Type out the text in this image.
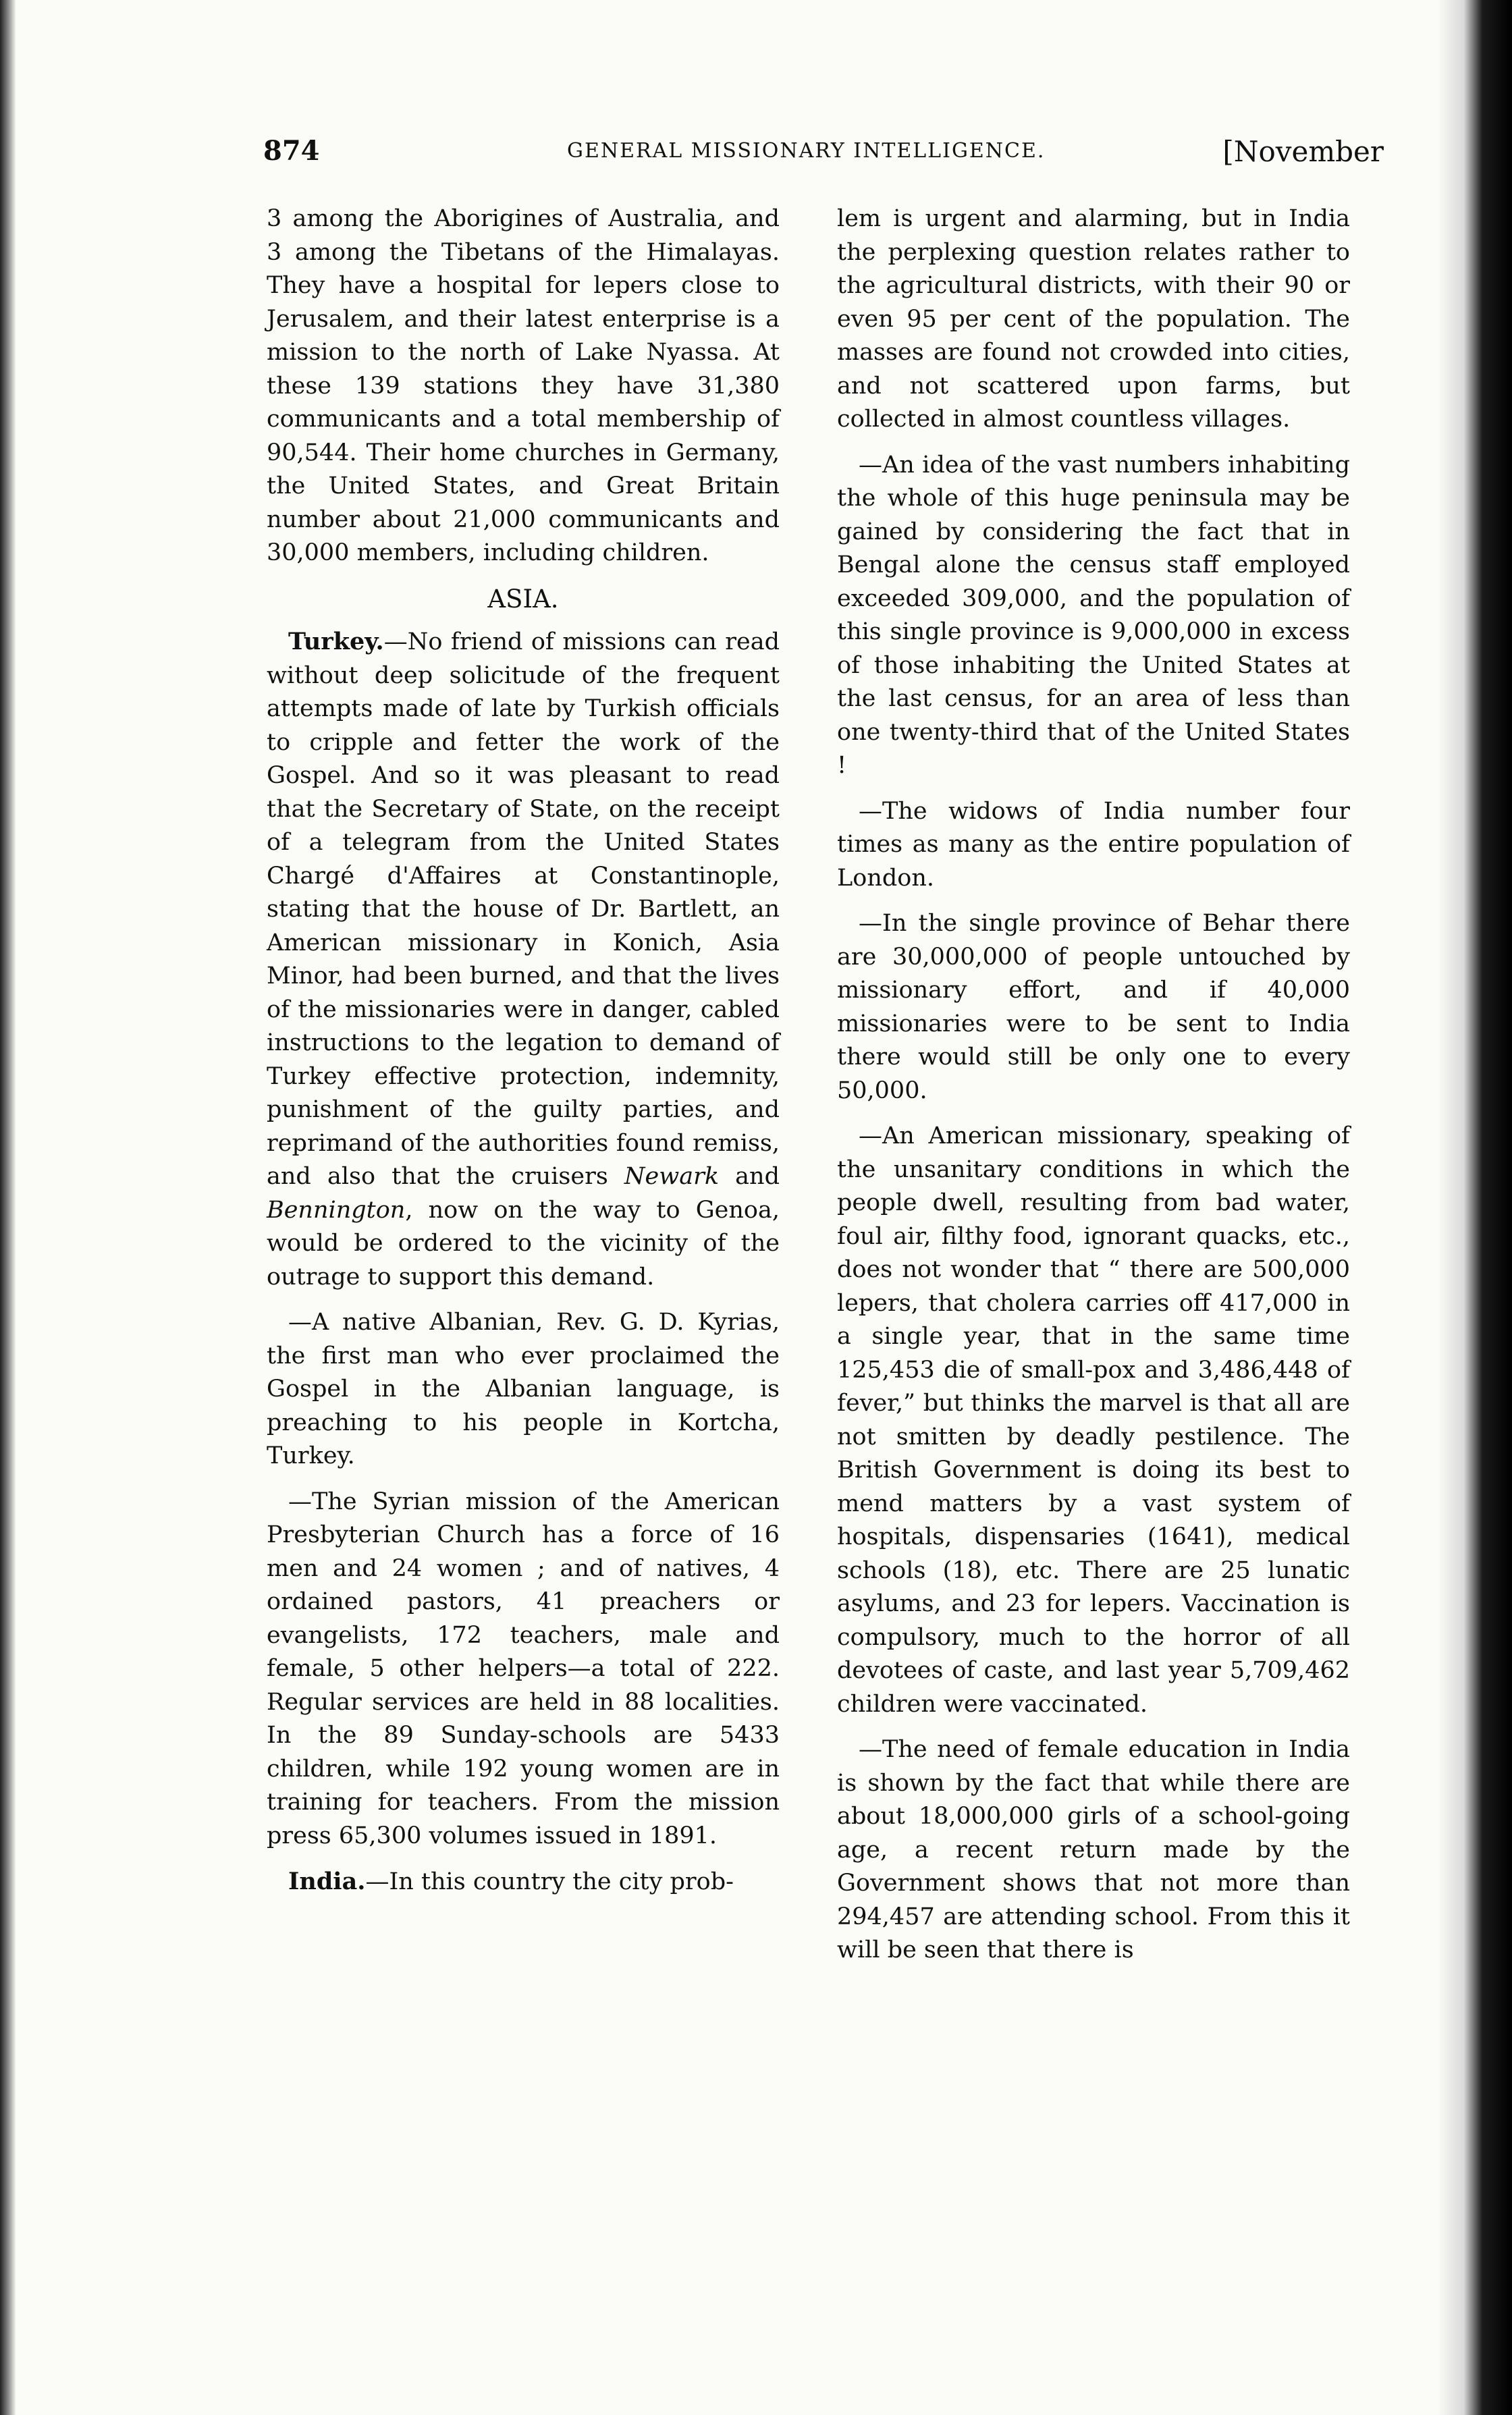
874	GENERAL MISSIONARY INTELLIGENCE.	[November

3 among the Aborigines of Australia, and 3 among the Tibetans of the Himalayas. They have a hospital for lepers close to Jerusalem, and their latest enterprise is a mission to the north of Lake Nyassa. At these 139 stations they have 31,380 communicants and a total membership of 90,544. Their home churches in Germany, the United States, and Great Britain number about 21,000 communicants and 30,000 members, including children.

ASIA.

Turkey.—No friend of missions can read without deep solicitude of the frequent attempts made of late by Turkish officials to cripple and fetter the work of the Gospel. And so it was pleasant to read that the Secretary of State, on the receipt of a telegram from the United States Chargé d'Affaires at Constantinople, stating that the house of Dr. Bartlett, an American missionary in Konich, Asia Minor, had been burned, and that the lives of the missionaries were in danger, cabled instructions to the legation to demand of Turkey effective protection, indemnity, punishment of the guilty parties, and reprimand of the authorities found remiss, and also that the cruisers Newark and Bennington, now on the way to Genoa, would be ordered to the vicinity of the outrage to support this demand.

—A native Albanian, Rev. G. D. Kyrias, the first man who ever proclaimed the Gospel in the Albanian language, is preaching to his people in Kortcha, Turkey.

—The Syrian mission of the American Presbyterian Church has a force of 16 men and 24 women ; and of natives, 4 ordained pastors, 41 preachers or evangelists, 172 teachers, male and female, 5 other helpers—a total of 222. Regular services are held in 88 localities. In the 89 Sunday-schools are 5433 children, while 192 young women are in training for teachers. From the mission press 65,300 volumes issued in 1891.

India.—In this country the city prob-

lem is urgent and alarming, but in India the perplexing question relates rather to the agricultural districts, with their 90 or even 95 per cent of the population. The masses are found not crowded into cities, and not scattered upon farms, but collected in almost countless villages.

—An idea of the vast numbers inhabiting the whole of this huge peninsula may be gained by considering the fact that in Bengal alone the census staff employed exceeded 309,000, and the population of this single province is 9,000,000 in excess of those inhabiting the United States at the last census, for an area of less than one twenty-third that of the United States !

—The widows of India number four times as many as the entire population of London.

—In the single province of Behar there are 30,000,000 of people untouched by missionary effort, and if 40,000 missionaries were to be sent to India there would still be only one to every 50,000.

—An American missionary, speaking of the unsanitary conditions in which the people dwell, resulting from bad water, foul air, filthy food, ignorant quacks, etc., does not wonder that “ there are 500,000 lepers, that cholera carries off 417,000 in a single year, that in the same time 125,453 die of small-pox and 3,486,448 of fever,” but thinks the marvel is that all are not smitten by deadly pestilence. The British Government is doing its best to mend matters by a vast system of hospitals, dispensaries (1641), medical schools (18), etc. There are 25 lunatic asylums, and 23 for lepers. Vaccination is compulsory, much to the horror of all devotees of caste, and last year 5,709,462 children were vaccinated.

—The need of female education in India is shown by the fact that while there are about 18,000,000 girls of a school-going age, a recent return made by the Government shows that not more than 294,457 are attending school. From this it will be seen that there is
